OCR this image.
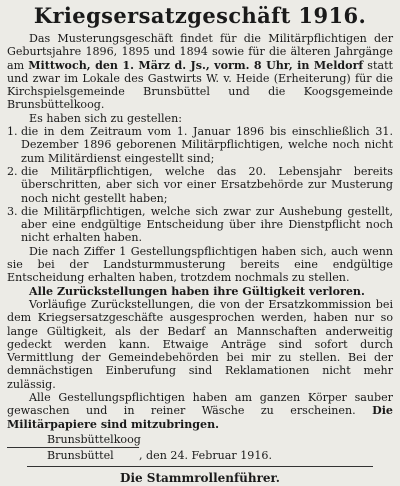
Kriegsersatzgeschäft 1916.

Das Musterungsgeschäft findet für die Militärpflichtigen der Geburtsjahre 1896, 1895 und 1894 sowie für die älteren Jahrgänge am Mittwoch, den 1. März d. Js., vorm. 8 Uhr, in Meldorf statt und zwar im Lokale des Gastwirts W. v. Heide (Erheiterung) für die Kirchspielsgemeinde Brunsbüttel und die Koogsgemeinde Brunsbüttelkoog.

Es haben sich zu gestellen:

1. die in dem Zeitraum vom 1. Januar 1896 bis einschließlich 31. Dezember 1896 geborenen Militärpflichtigen, welche noch nicht zum Militärdienst eingestellt sind;
2. die Militärpflichtigen, welche das 20. Lebensjahr bereits überschritten, aber sich vor einer Ersatzbehörde zur Musterung noch nicht gestellt haben;
3. die Militärpflichtigen, welche sich zwar zur Aushebung gestellt, aber eine endgültige Entscheidung über ihre Dienstpflicht noch nicht erhalten haben.

Die nach Ziffer 1 Gestellungspflichtigen haben sich, auch wenn sie bei der Landsturmmusterung bereits eine endgültige Entscheidung erhalten haben, trotzdem nochmals zu stellen.

Alle Zurückstellungen haben ihre Gültigkeit verloren.

Vorläufige Zurückstellungen, die von der Ersatzkommission bei dem Kriegsersatzgeschäfte ausgesprochen werden, haben nur so lange Gültigkeit, als der Bedarf an Mannschaften anderweitig gedeckt werden kann. Etwaige Anträge sind sofort durch Vermittlung der Gemeindebehörden bei mir zu stellen. Bei der demnächstigen Einberufung sind Reklamationen nicht mehr zulässig.

Alle Gestellungspflichtigen haben am ganzen Körper sauber gewaschen und in reiner Wäsche zu erscheinen. Die Militärpapiere sind mitzubringen.

Brunsbüttelkoog
Brunsbüttel	, den 24. Februar 1916.
Die Stammrollenführer.
